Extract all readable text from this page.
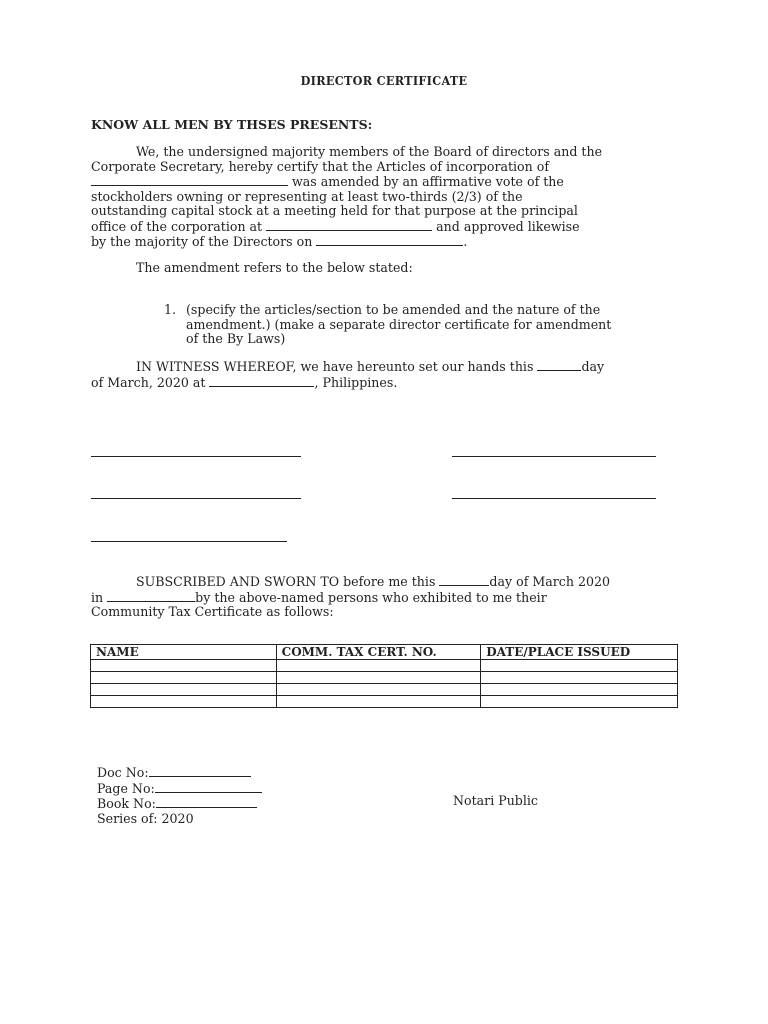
DIRECTOR CERTIFICATE
KNOW ALL MEN BY THSES PRESENTS:
We, the undersigned majority members of the Board of directors and the
Corporate Secretary, hereby certify that the Articles of incorporation of
was amended by an affirmative vote of the
stockholders owning or representing at least two-thirds (2/3) of the
outstanding capital stock at a meeting held for that purpose at the principal
office of the corporation at	and approved likewise
by the majority of the Directors on	.
The amendment refers to the below stated:
1. (specify the articles/section to be amended and the nature of the
amendment.) (make a separate director certificate for amendment
of the By Laws)
IN WITNESS WHEREOF, we have hereunto set our hands this	day
of March, 2020 at	, Philippines.
SUBSCRIBED AND SWORN TO before me this	day of March 2020
in	by the above-named persons who exhibited to me their
Community Tax Certificate as follows:
NAME	COMM. TAX CERT. NO.	DATE/PLACE ISSUED

Doc No:
Page No:
Book No:
Series of: 2020
Notari Public
